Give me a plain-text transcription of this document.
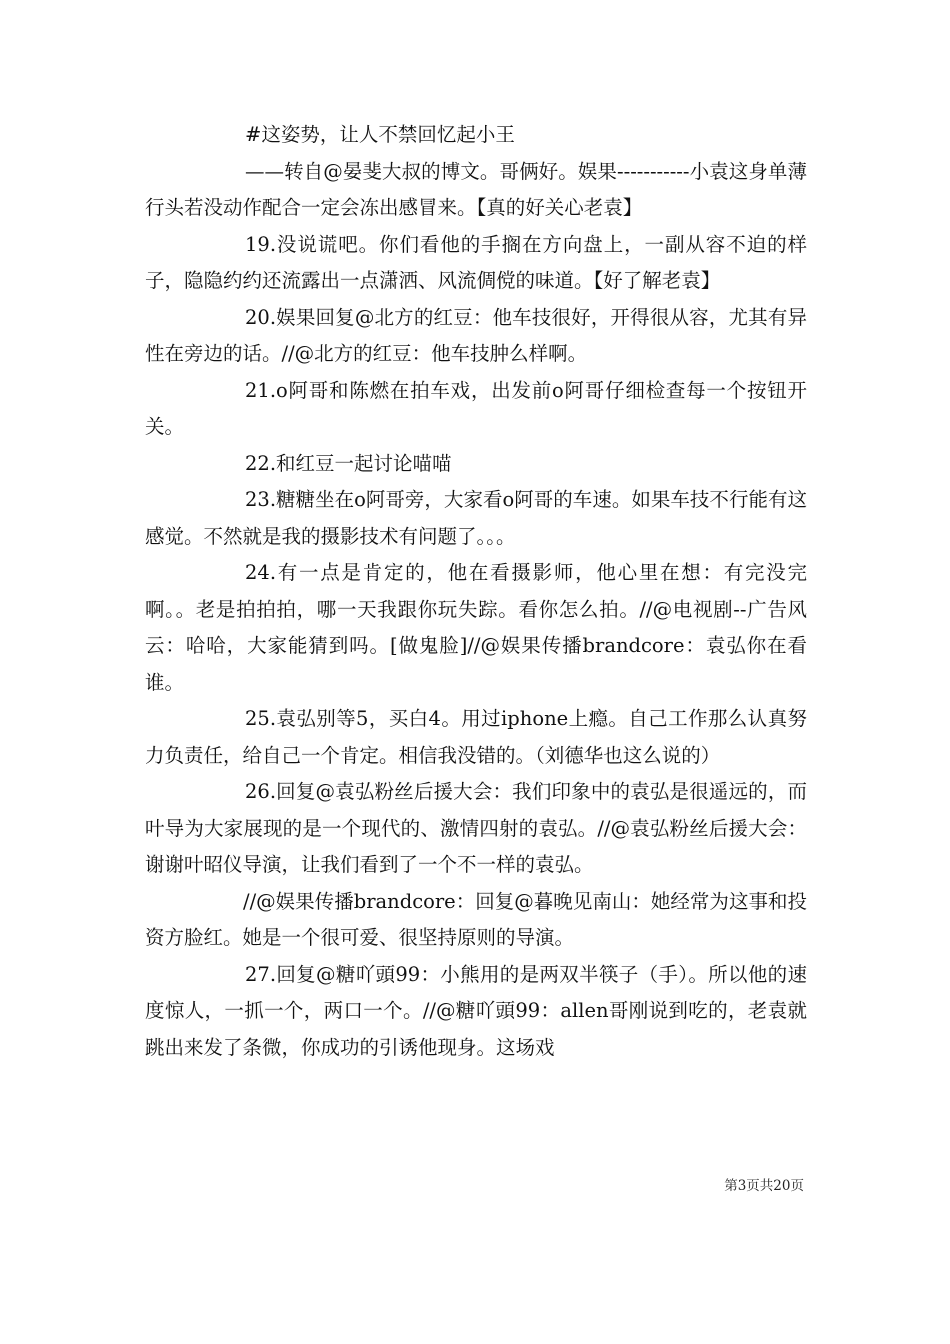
#这姿势，让人不禁回忆起小王

——转自@晏斐大叔的博文。哥俩好。娱果-----------小袁这身单薄行头若没动作配合一定会冻出感冒来。【真的好关心老袁】

19.没说谎吧。你们看他的手搁在方向盘上，一副从容不迫的样子，隐隐约约还流露出一点潇洒、风流倜傥的味道。【好了解老袁】

20.娱果回复@北方的红豆：他车技很好，开得很从容，尤其有异性在旁边的话。//@北方的红豆：他车技肿么样啊。

21.o阿哥和陈燃在拍车戏，出发前o阿哥仔细检查每一个按钮开关。

22.和红豆一起讨论喵喵

23.糖糖坐在o阿哥旁，大家看o阿哥的车速。如果车技不行能有这感觉。不然就是我的摄影技术有问题了。。。

24.有一点是肯定的，他在看摄影师，他心里在想：有完没完啊。。老是拍拍拍，哪一天我跟你玩失踪。看你怎么拍。//@电视剧--广告风云：哈哈，大家能猜到吗。[做鬼脸]//@娱果传播brandcore：袁弘你在看谁。

25.袁弘别等5，买白4。用过iphone上瘾。自己工作那么认真努力负责任，给自己一个肯定。相信我没错的。（刘德华也这么说的）

26.回复@袁弘粉丝后援大会：我们印象中的袁弘是很遥远的，而叶导为大家展现的是一个现代的、激情四射的袁弘。//@袁弘粉丝后援大会：谢谢叶昭仪导演，让我们看到了一个不一样的袁弘。

//@娱果传播brandcore：回复@暮晚见南山：她经常为这事和投资方脸红。她是一个很可爱、很坚持原则的导演。

27.回复@糖吖頭99：小熊用的是两双半筷子（手）。所以他的速度惊人，一抓一个，两口一个。//@糖吖頭99：allen哥刚说到吃的，老袁就跳出来发了条微，你成功的引诱他现身。这场戏

第3页共20页
